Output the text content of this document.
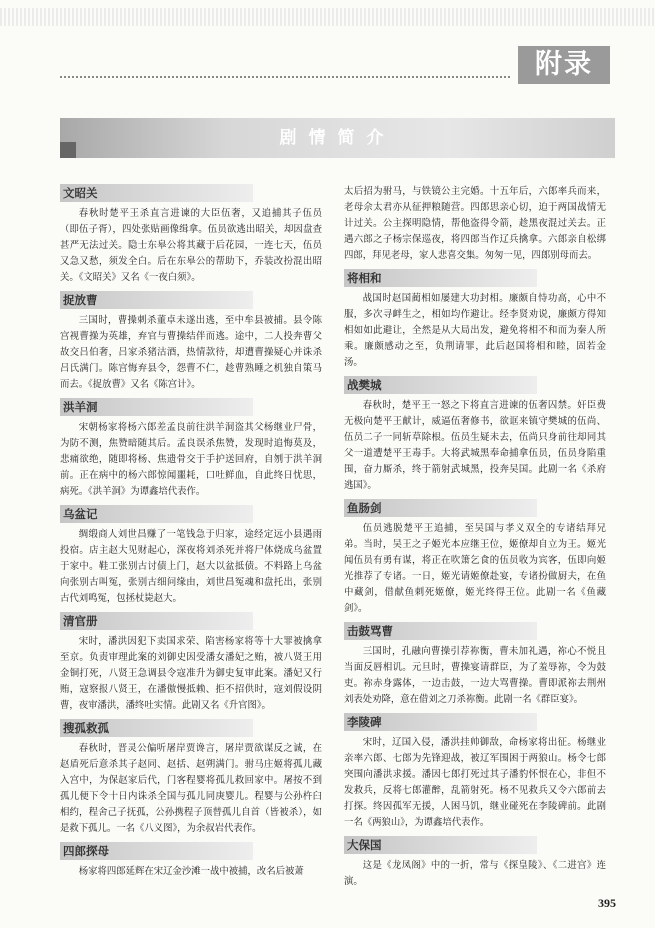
附录
剧情简介
文昭关

春秋时楚平王杀直言进谏的大臣伍奢，又追捕其子伍员（即伍子胥），四处张贴画像缉拿。伍员欲逃出昭关，却因盘查甚严无法过关。隐士东皋公将其藏于后花园，一连七天，伍员又急又愁，须发全白。后在东皋公的帮助下，乔装改扮混出昭关。《文昭关》又名《一夜白须》。

捉放曹

三国时，曹操刺杀董卓未遂出逃，至中牟县被捕。县令陈宫视曹操为英雄，弃官与曹操结伴而逃。途中，二人投奔曹父故交吕伯奢，吕家杀猪沽酒，热情款待，却遭曹操疑心并诛杀吕氏满门。陈宫悔弃县令，怨曹不仁，趁曹熟睡之机独自策马而去。《捉放曹》又名《陈宫计》。

洪羊洞

宋朝杨家将杨六郎差孟良前往洪羊洞盗其父杨继业尸骨，为防不测，焦赞暗随其后。孟良误杀焦赞，发现时追悔莫及，悲痛欲绝，随即将杨、焦遗骨交于手护送回府，自刎于洪羊洞前。正在病中的杨六郎惊闻噩耗，口吐鲜血，自此终日忧思，病死。《洪羊洞》为谭鑫培代表作。

乌盆记

绸缎商人刘世昌赚了一笔钱急于归家，途经定远小县遇雨投宿。店主赵大见财起心，深夜将刘杀死并将尸体烧成乌盆置于家中。鞋工张别古讨债上门，赵大以盆抵债。不料路上乌盆向张别古叫冤，张别古细问缘由，刘世昌冤魂和盘托出，张别古代刘鸣冤，包拯杖毙赵大。

清官册

宋时，潘洪因犯下卖国求荣、陷害杨家将等十大罪被擒拿至京。负责审理此案的刘御史因受潘女潘妃之贿，被八贤王用金铜打死，八贤王急调县令寇准升为御史复审此案。潘妃又行贿，寇察报八贤王，在潘傲慢抵赖、拒不招供时，寇刘假设阴曹，夜审潘洪，潘终吐实情。此剧又名《升官图》。

搜孤救孤

春秋时，晋灵公偏听屠岸贾谗言，屠岸贾欲谋反之诚，在赵盾死后意杀其子赵同、赵括、赵朔满门。驸马庄姬将孤儿藏入宫中，为保赵家后代，门客程婴将孤儿救回家中。屠按不到孤儿便下令十日内诛杀全国与孤儿同庚婴儿。程婴与公孙杵臼相约，程舍己子抚孤，公孙携程子顶替孤儿自首（皆被杀），如是救下孤儿。一名《八义图》，为余叔岩代表作。

四郎探母

杨家将四郎延辉在宋辽金沙滩一战中被捕，改名后被萧

太后招为驸马，与铁镜公主完婚。十五年后，六郎率兵而来，老母佘太君亦从征押粮随营。四郎思亲心切，迫于两国战情无计过关。公主探明隐情，帮他盗得令箭，趁黑夜混过关去。正遇六郎之子杨宗保巡夜，将四郎当作辽兵擒拿。六郎亲自松绑四郎，拜见老母，家人悲喜交集。匆匆一见，四郎别母而去。

将相和

战国时赵国蔺相如屡建大功封相。廉颇自恃功高，心中不服，多次寻衅生之，相如均作避让。经李贤劝说，廉颇方得知相如如此避让，全然是从大局出发，避免将相不和而为秦人所乘。廉颇感动之至，负荆请罪，此后赵国将相和睦，固若金汤。

战樊城

春秋时，楚平王一怒之下将直言进谏的伍奢囚禁。奸臣费无极向楚平王献计，威逼伍奢修书，欲诓来镇守樊城的伍尚、伍员二子一同斩草除根。伍员生疑未去，伍尚只身前往却同其父一道遭楚平王毒手。大将武城黑奉命捕拿伍员，伍员身陷重围，奋力厮杀，终于箭射武城黑，投奔吴国。此剧一名《杀府逃国》。

鱼肠剑

伍员逃脱楚平王追捕，至吴国与孝义双全的专诸结拜兄弟。当时，吴王之子姬光本应继王位，姬僚却自立为王。姬光闻伍员有勇有谋，将正在吹箫乞食的伍员收为宾客，伍即向姬光推荐了专诸。一日，姬光请姬僚赴宴，专诸扮做厨夫，在鱼中藏剑，借献鱼刺死姬僚，姬光终得王位。此剧一名《鱼藏剑》。

击鼓骂曹

三国时，孔融向曹操引荐祢衡，曹未加礼遇，祢心不悦且当面反唇相讥。元旦时，曹操宴请群臣，为了羞辱祢，令为鼓吏。祢赤身露体，一边击鼓，一边大骂曹操。曹即派祢去荆州刘表处劝降，意在借刘之刀杀祢衡。此剧一名《群臣宴》。

李陵碑

宋时，辽国入侵，潘洪挂帅御敌，命杨家将出征。杨继业亲率六郎、七郎为先锋迎战，被辽军围困于两狼山。杨令七郎突围向潘洪求援。潘因七郎打死过其子潘豹怀恨在心，非但不发救兵，反将七郎灌醉，乱箭射死。杨不见救兵又令六郎前去打探。终因孤军无援，人困马饥，继业碰死在李陵碑前。此剧一名《两狼山》，为谭鑫培代表作。

大保国

这是《龙凤阁》中的一折，常与《探皇陵》、《二进宫》连演。

395
